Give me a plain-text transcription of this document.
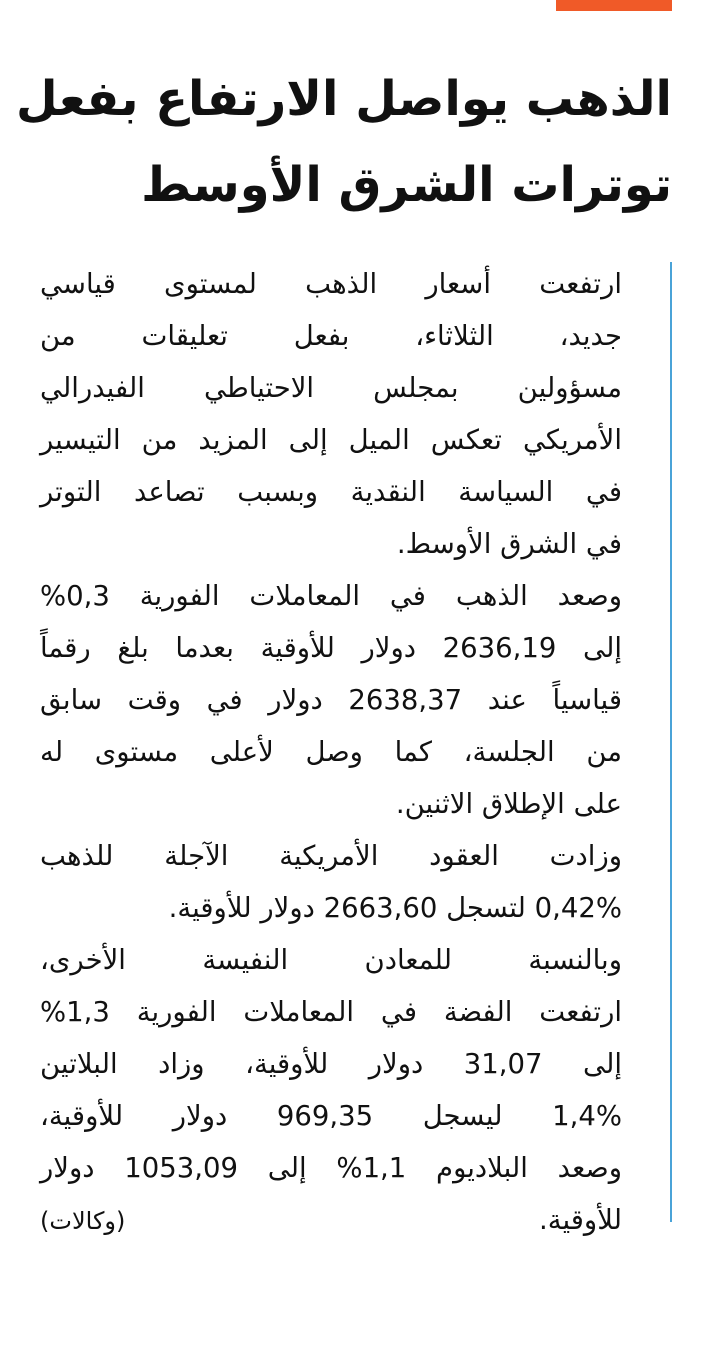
الذهب يواصل الارتفاع بفعل
توترات الشرق الأوسط
ارتفعت أسعار الذهب لمستوى قياسي
جديد، الثلاثاء، بفعل تعليقات من
مسؤولين بمجلس الاحتياطي الفيدرالي
الأمريكي تعكس الميل إلى المزيد من التيسير
في السياسة النقدية وبسبب تصاعد التوتر
في الشرق الأوسط.
وصعد الذهب في المعاملات الفورية 0,3%
إلى 2636,19 دولار للأوقية بعدما بلغ رقماً
قياسياً عند 2638,37 دولار في وقت سابق
من الجلسة، كما وصل لأعلى مستوى له
على الإطلاق الاثنين.
وزادت العقود الأمريكية الآجلة للذهب
0,42% لتسجل 2663,60 دولار للأوقية.
وبالنسبة للمعادن النفيسة الأخرى،
ارتفعت الفضة في المعاملات الفورية 1,3%
إلى 31,07 دولار للأوقية، وزاد البلاتين
1,4% ليسجل 969,35 دولار للأوقية،
وصعد البلاديوم 1,1% إلى 1053,09 دولار
للأوقية.
(وكالات)
